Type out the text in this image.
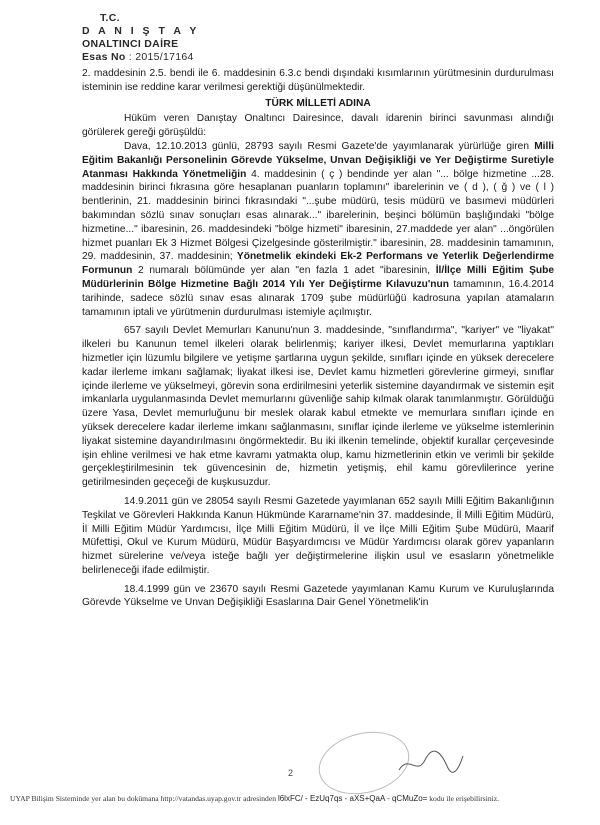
T.C.
D A N I Ş T A Y
ONALTINCI DAİRE
Esas No : 2015/17164

2. maddesinin 2.5. bendi ile 6. maddesinin 6.3.c bendi dışındaki kısımlarının yürütmesinin durdurulması isteminin ise reddine karar verilmesi gerektiği düşünülmektedir.

TÜRK MİLLETİ ADINA

Hüküm veren Danıştay Onaltıncı Dairesince, davalı idarenin birinci savunması alındığı görülerek gereği görüşüldü:

Dava, 12.10.2013 günlü, 28793 sayılı Resmi Gazete'de yayımlanarak yürürlüğe giren Milli Eğitim Bakanlığı Personelinin Görevde Yükselme, Unvan Değişikliği ve Yer Değiştirme Suretiyle Atanması Hakkında Yönetmeliğin 4. maddesinin ( ç ) bendinde yer alan "... bölge hizmetine ...28. maddesinin birinci fıkrasına göre hesaplanan puanların toplamını" ibarelerinin ve ( d ), ( ğ ) ve ( l ) bentlerinin, 21. maddesinin birinci fıkrasındaki "...şube müdürü, tesis müdürü ve basımevi müdürleri bakımından sözlü sınav sonuçları esas alınarak..." ibarelerinin, beşinci bölümün başlığındaki "bölge hizmetine..." ibaresinin, 26. maddesindeki "bölge hizmeti" ibaresinin, 27.maddede yer alan" ...öngörülen hizmet puanları Ek 3 Hizmet Bölgesi Çizelgesinde gösterilmiştir." ibaresinin, 28. maddesinin tamamının, 29. maddesinin, 37. maddesinin; Yönetmelik ekindeki Ek-2 Performans ve Yeterlik Değerlendirme Formunun 2 numaralı bölümünde yer alan "en fazla 1 adet "ibaresinin, İl/İlçe Milli Eğitim Şube Müdürlerinin Bölge Hizmetine Bağlı 2014 Yılı Yer Değiştirme Kılavuzu'nun tamamının, 16.4.2014 tarihinde, sadece sözlü sınav esas alınarak 1709 şube müdürlüğü kadrosuna yapılan atamaların tamamının iptali ve yürütmenin durdurulması istemiyle açılmıştır.

657 sayılı Devlet Memurları Kanunu'nun 3. maddesinde, "sınıflandırma", "kariyer" ve "liyakat" ilkeleri bu Kanunun temel ilkeleri olarak belirlenmiş; kariyer ilkesi, Devlet memurlarına yaptıkları hizmetler için lüzumlu bilgilere ve yetişme şartlarına uygun şekilde, sınıfları içinde en yüksek derecelere kadar ilerleme imkanı sağlamak; liyakat ilkesi ise, Devlet kamu hizmetleri görevlerine girmeyi, sınıflar içinde ilerleme ve yükselmeyi, görevin sona erdirilmesini yeterlik sistemine dayandırmak ve sistemin eşit imkanlarla uygulanmasında Devlet memurlarını güvenliğe sahip kılmak olarak tanımlanmıştır. Görüldüğü üzere Yasa, Devlet memurluğunu bir meslek olarak kabul etmekte ve memurlara sınıfları içinde en yüksek derecelere kadar ilerleme imkanı sağlanmasını, sınıflar içinde ilerleme ve yükselme istemlerinin liyakat sistemine dayandırılmasını öngörmektedir. Bu iki ilkenin temelinde, objektif kurallar çerçevesinde işin ehline verilmesi ve hak etme kavramı yatmakta olup, kamu hizmetlerinin etkin ve verimli bir şekilde gerçekleştirilmesinin tek güvencesinin de, hizmetin yetişmiş, ehil kamu görevlilerince yerine getirilmesinden geçeceği de kuşkusuzdur.

14.9.2011 gün ve 28054 sayılı Resmi Gazetede yayımlanan 652 sayılı Milli Eğitim Bakanlığının Teşkilat ve Görevleri Hakkında Kanun Hükmünde Kararname'nin 37. maddesinde, İl Milli Eğitim Müdürü, İl Milli Eğitim Müdür Yardımcısı, İlçe Milli Eğitim Müdürü, İl ve İlçe Milli Eğitim Şube Müdürü, Maarif Müfettişi, Okul ve Kurum Müdürü, Müdür Başyardımcısı ve Müdür Yardımcısı olarak görev yapanların hizmet sürelerine ve/veya isteğe bağlı yer değiştirmelerine ilişkin usul ve esasların yönetmelikle belirleneceği ifade edilmiştir.

18.4.1999 gün ve 23670 sayılı Resmi Gazetede yayımlanan Kamu Kurum ve Kuruluşlarında Görevde Yükselme ve Unvan Değişikliği Esaslarına Dair Genel Yönetmelik'in

2
UYAP Bilişim Sisteminde yer alan bu dokümana http://vatandas.uyap.gov.tr adresinden l6lxFC/ - EzUq7qs - aXS+QaA - qCMuZo= kodu ile erişebilirsiniz.
